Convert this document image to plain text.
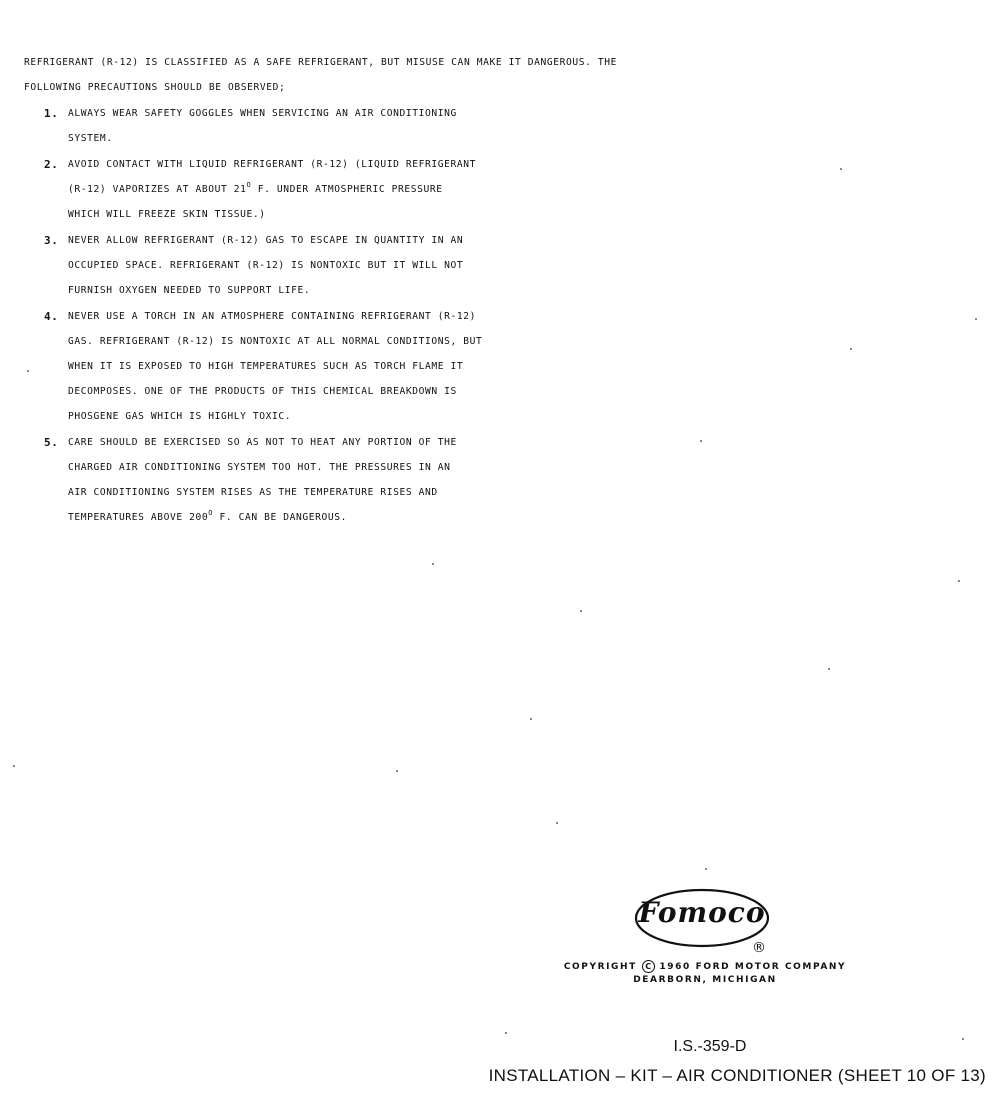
REFRIGERANT (R-12) IS CLASSIFIED AS A SAFE REFRIGERANT, BUT MISUSE CAN MAKE IT DANGEROUS. THE FOLLOWING PRECAUTIONS SHOULD BE OBSERVED;

1. ALWAYS WEAR SAFETY GOGGLES WHEN SERVICING AN AIR CONDITIONING
SYSTEM.
2. AVOID CONTACT WITH LIQUID REFRIGERANT (R-12) (LIQUID REFRIGERANT
(R-12) VAPORIZES AT ABOUT $21^O$ F. UNDER ATMOSPHERIC PRESSURE
WHICH WILL FREEZE SKIN TISSUE.)
3. NEVER ALLOW REFRIGERANT (R-12) GAS TO ESCAPE IN QUANTITY IN AN
OCCUPIED SPACE. REFRIGERANT (R-12) IS NONTOXIC BUT IT WILL NOT
FURNISH OXYGEN NEEDED TO SUPPORT LIFE.
4. NEVER USE A TORCH IN AN ATMOSPHERE CONTAINING REFRIGERANT (R-12)
GAS. REFRIGERANT (R-12) IS NONTOXIC AT ALL NORMAL CONDITIONS, BUT
WHEN IT IS EXPOSED TO HIGH TEMPERATURES SUCH AS TORCH FLAME IT
DECOMPOSES. ONE OF THE PRODUCTS OF THIS CHEMICAL BREAKDOWN IS
PHOSGENE GAS WHICH IS HIGHLY TOXIC.
5. CARE SHOULD BE EXERCISED SO AS NOT TO HEAT ANY PORTION OF THE
CHARGED AIR CONDITIONING SYSTEM TOO HOT. THE PRESSURES IN AN
AIR CONDITIONING SYSTEM RISES AS THE TEMPERATURE RISES AND
TEMPERATURES ABOVE $200^O$ F. CAN BE DANGEROUS.
Fomoco
®
COPYRIGHT C 1960 FORD MOTOR COMPANY
DEARBORN, MICHIGAN
I.S.-359-D
INSTALLATION – KIT – AIR CONDITIONER (SHEET 10 OF 13)
